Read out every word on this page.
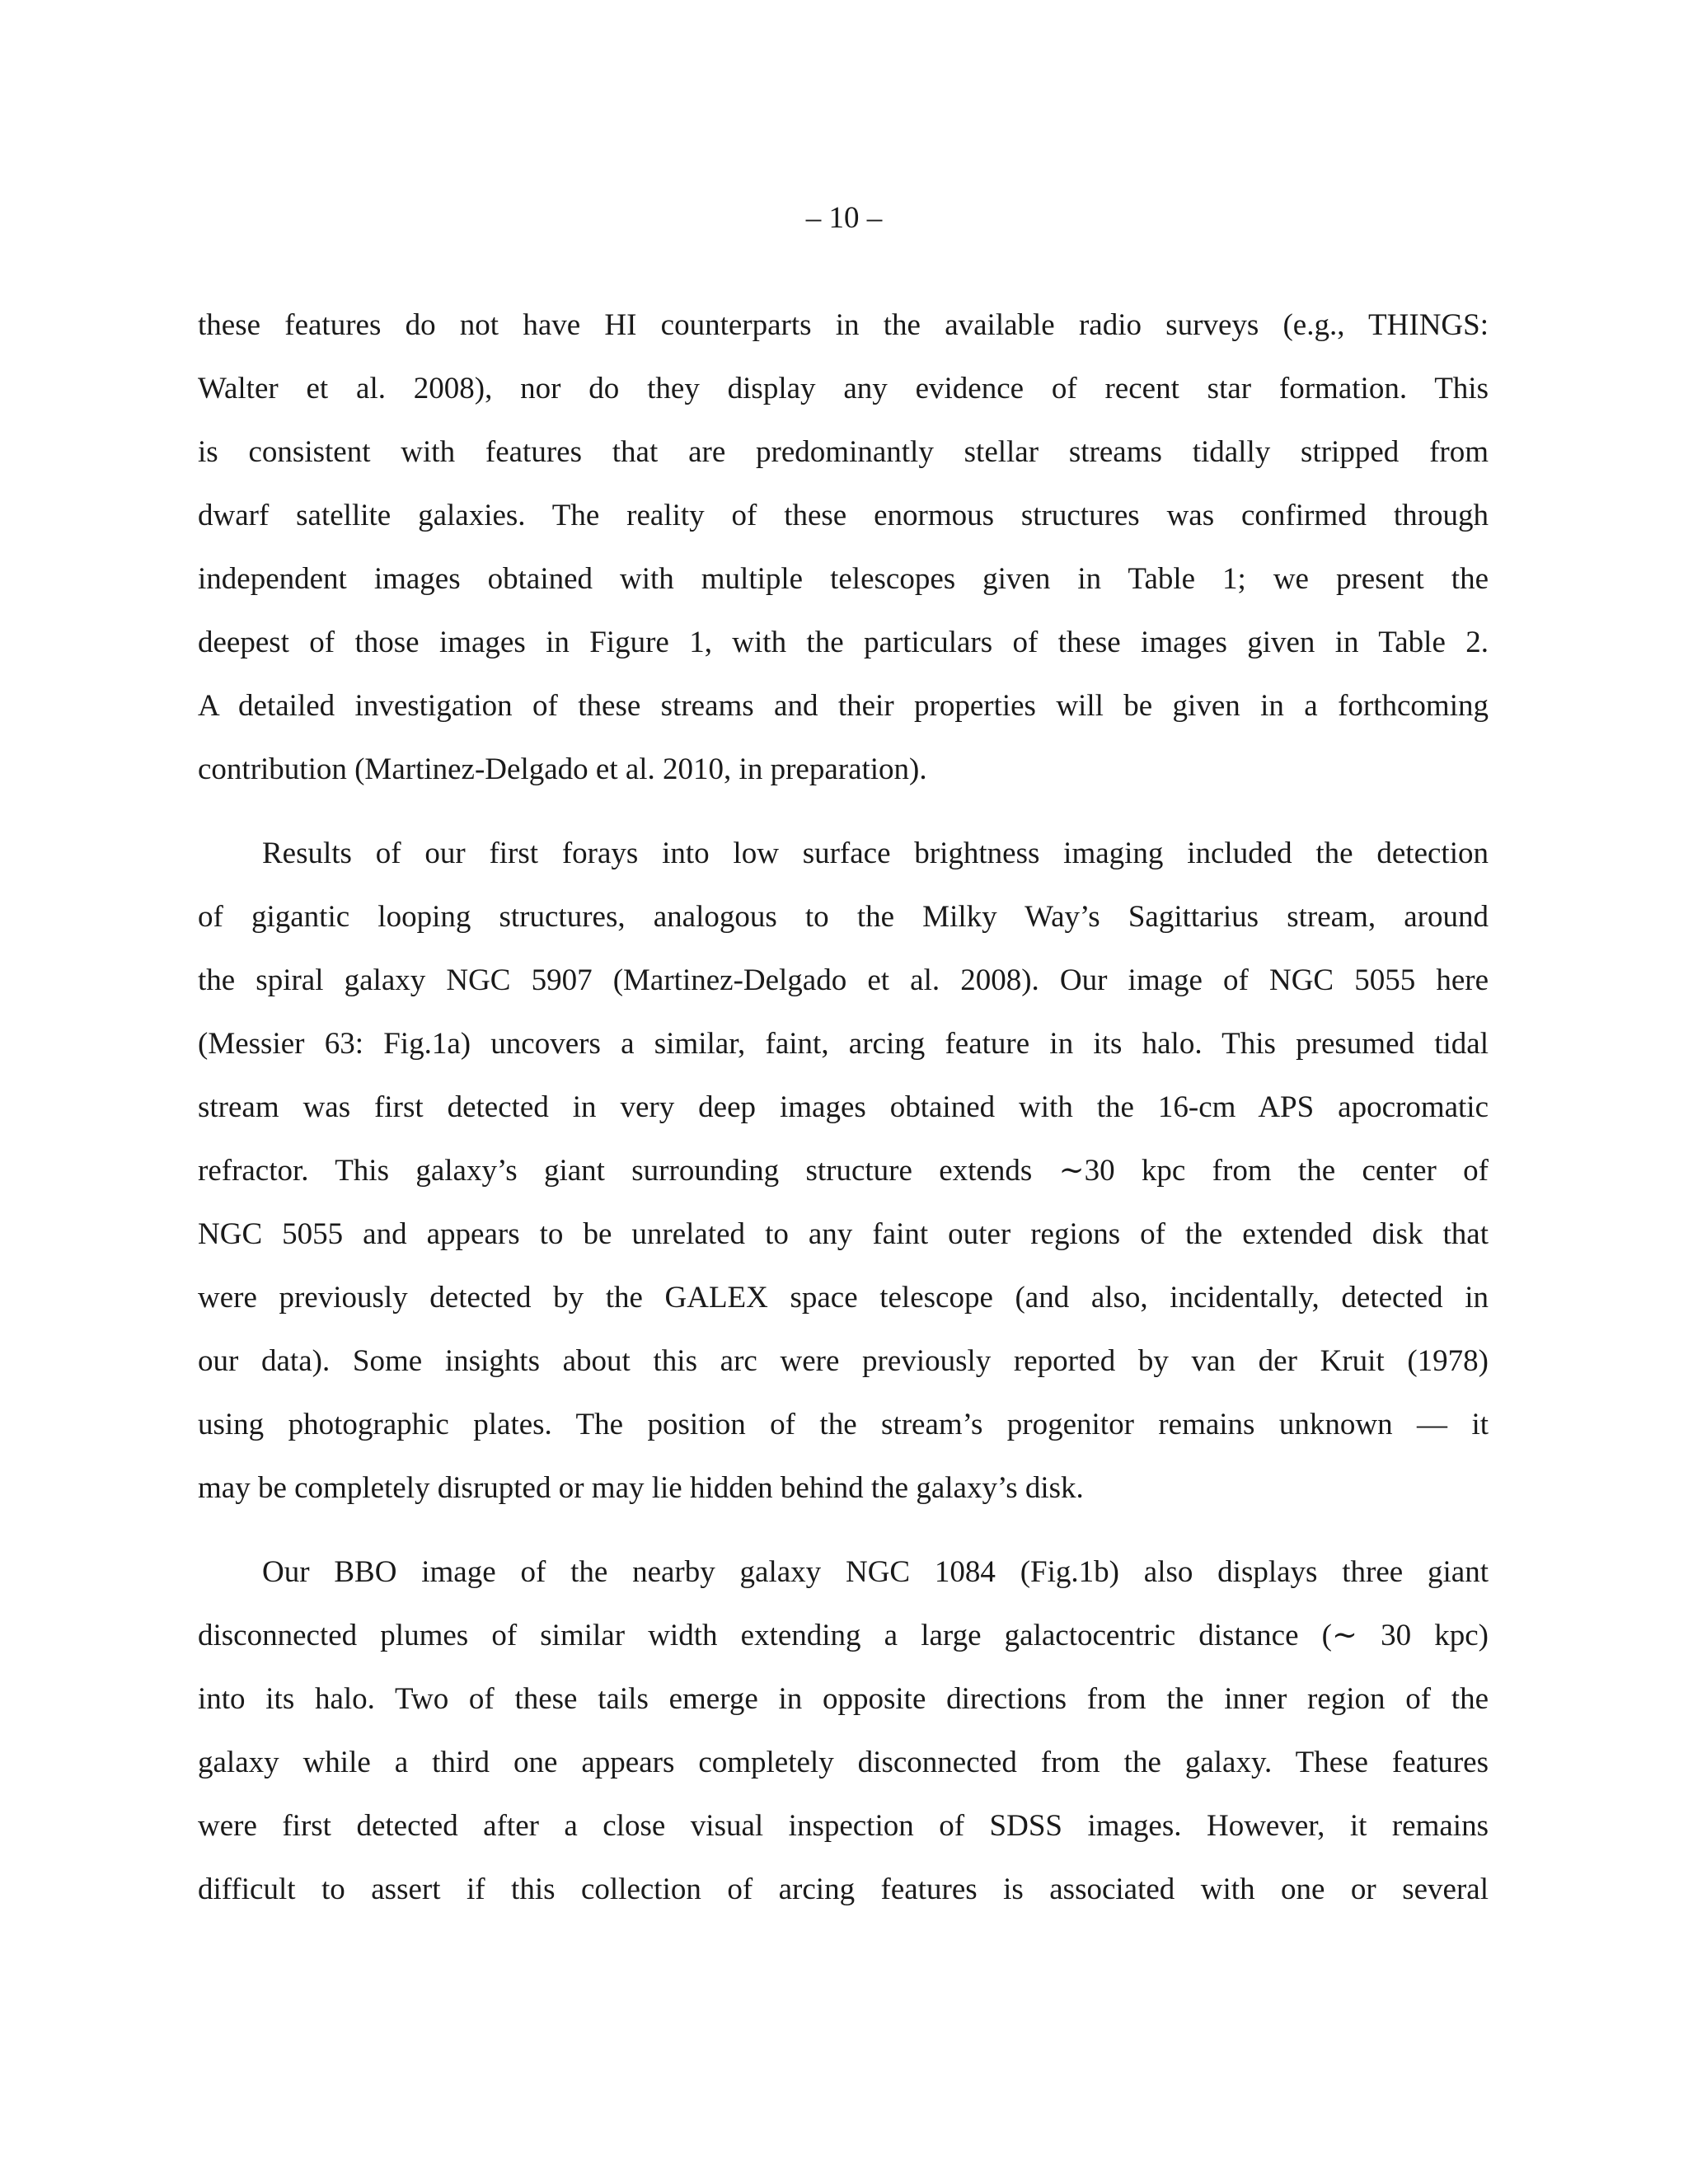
– 10 –
these features do not have HI counterparts in the available radio surveys (e.g., THINGS:
Walter et al. 2008), nor do they display any evidence of recent star formation. This
is consistent with features that are predominantly stellar streams tidally stripped from
dwarf satellite galaxies. The reality of these enormous structures was confirmed through
independent images obtained with multiple telescopes given in Table 1; we present the
deepest of those images in Figure 1, with the particulars of these images given in Table 2.
A detailed investigation of these streams and their properties will be given in a forthcoming
contribution (Martinez-Delgado et al. 2010, in preparation).
Results of our first forays into low surface brightness imaging included the detection
of gigantic looping structures, analogous to the Milky Way’s Sagittarius stream, around
the spiral galaxy NGC 5907 (Martinez-Delgado et al. 2008). Our image of NGC 5055 here
(Messier 63: Fig.1a) uncovers a similar, faint, arcing feature in its halo. This presumed tidal
stream was first detected in very deep images obtained with the 16-cm APS apocromatic
refractor. This galaxy’s giant surrounding structure extends ∼30 kpc from the center of
NGC 5055 and appears to be unrelated to any faint outer regions of the extended disk that
were previously detected by the GALEX space telescope (and also, incidentally, detected in
our data). Some insights about this arc were previously reported by van der Kruit (1978)
using photographic plates. The position of the stream’s progenitor remains unknown — it
may be completely disrupted or may lie hidden behind the galaxy’s disk.
Our BBO image of the nearby galaxy NGC 1084 (Fig.1b) also displays three giant
disconnected plumes of similar width extending a large galactocentric distance (∼ 30 kpc)
into its halo. Two of these tails emerge in opposite directions from the inner region of the
galaxy while a third one appears completely disconnected from the galaxy. These features
were first detected after a close visual inspection of SDSS images. However, it remains
difficult to assert if this collection of arcing features is associated with one or several
